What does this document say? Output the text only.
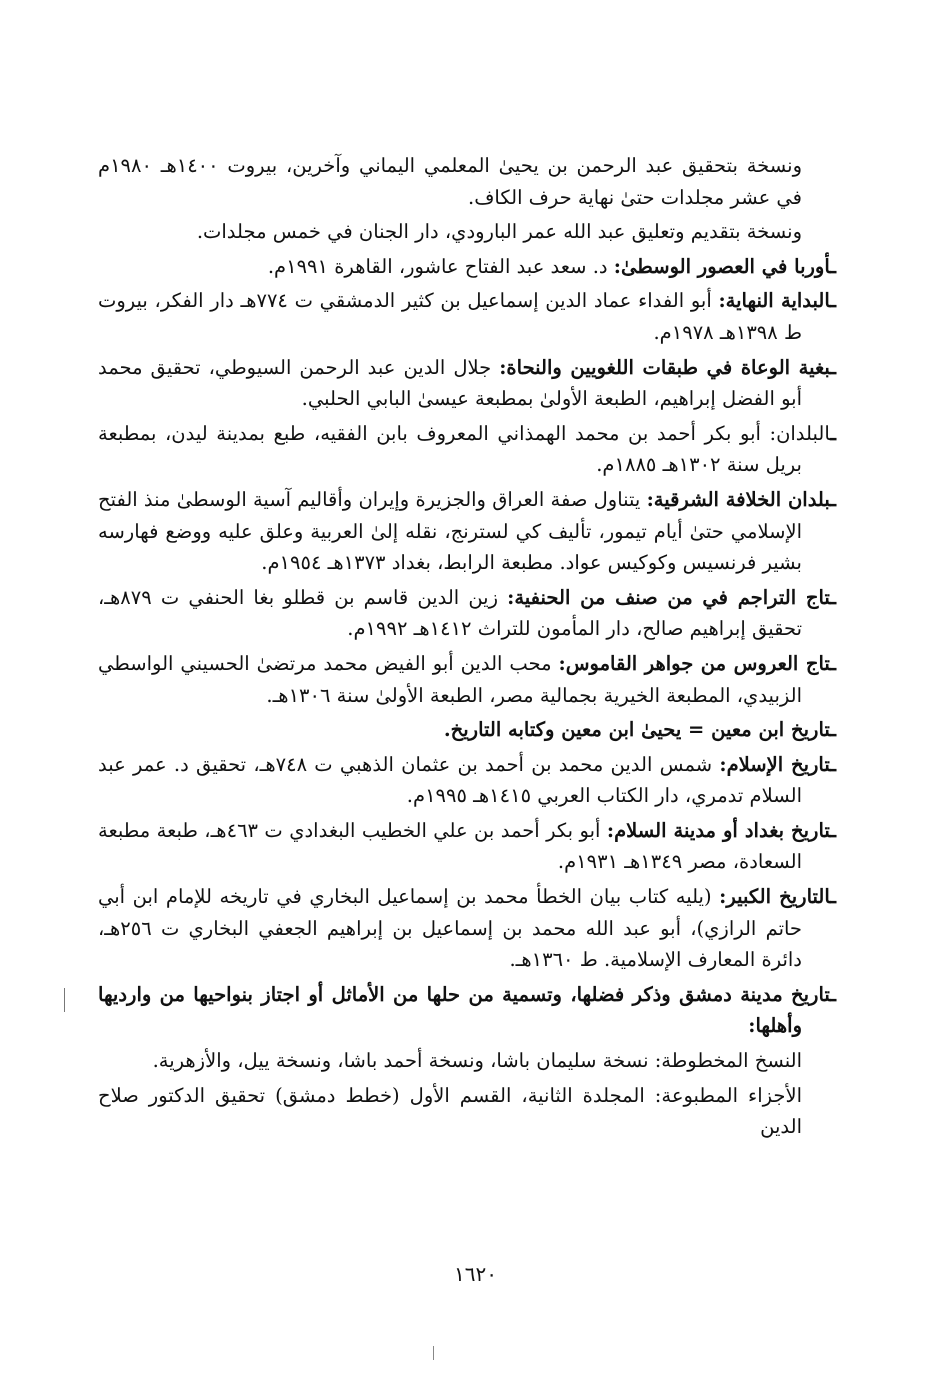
ونسخة بتحقيق عبد الرحمن بن يحيىٰ المعلمي اليماني وآخرين، بيروت ١٤٠٠هـ ١٩٨٠م في عشر مجلدات حتىٰ نهاية حرف الكاف.
ونسخة بتقديم وتعليق عبد الله عمر البارودي، دار الجنان في خمس مجلدات.
ـأوربا في العصور الوسطىٰ: د. سعد عبد الفتاح عاشور، القاهرة ١٩٩١م.
ـالبداية النهاية: أبو الفداء عماد الدين إسماعيل بن كثير الدمشقي ت ٧٧٤هـ دار الفكر، بيروت ط ١٣٩٨هـ ١٩٧٨م.
ـبغية الوعاة في طبقات اللغويين والنحاة: جلال الدين عبد الرحمن السيوطي، تحقيق محمد أبو الفضل إبراهيم، الطبعة الأولىٰ بمطبعة عيسىٰ البابي الحلبي.
ـالبلدان: أبو بكر أحمد بن محمد الهمذاني المعروف بابن الفقيه، طبع بمدينة ليدن، بمطبعة بريل سنة ١٣٠٢هـ ١٨٨٥م.
ـبلدان الخلافة الشرقية: يتناول صفة العراق والجزيرة وإيران وأقاليم آسية الوسطىٰ منذ الفتح الإسلامي حتىٰ أيام تيمور، تأليف كي لسترنج، نقله إلىٰ العربية وعلق عليه ووضع فهارسه بشير فرنسيس وكوكيس عواد. مطبعة الرابط، بغداد ١٣٧٣هـ ١٩٥٤م.
ـتاج التراجم في من صنف من الحنفية: زين الدين قاسم بن قطلو بغا الحنفي ت ٨٧٩هـ، تحقيق إبراهيم صالح، دار المأمون للتراث ١٤١٢هـ ١٩٩٢م.
ـتاج العروس من جواهر القاموس: محب الدين أبو الفيض محمد مرتضىٰ الحسيني الواسطي الزبيدي، المطبعة الخيرية بجمالية مصر، الطبعة الأولىٰ سنة ١٣٠٦هـ.
ـتاريخ ابن معين = يحيىٰ ابن معين وكتابه التاريخ.
ـتاريخ الإسلام: شمس الدين محمد بن أحمد بن عثمان الذهبي ت ٧٤٨هـ، تحقيق د. عمر عبد السلام تدمري، دار الكتاب العربي ١٤١٥هـ ١٩٩٥م.
ـتاريخ بغداد أو مدينة السلام: أبو بكر أحمد بن علي الخطيب البغدادي ت ٤٦٣هـ، طبعة مطبعة السعادة، مصر ١٣٤٩هـ ١٩٣١م.
ـالتاريخ الكبير: (يليه كتاب بيان الخطأ محمد بن إسماعيل البخاري في تاريخه للإمام ابن أبي حاتم الرازي)، أبو عبد الله محمد بن إسماعيل بن إبراهيم الجعفي البخاري ت ٢٥٦هـ، دائرة المعارف الإسلامية. ط ١٣٦٠هـ.
ـتاريخ مدينة دمشق وذكر فضلها، وتسمية من حلها من الأماثل أو اجتاز بنواحيها من وارديها وأهلها:
النسخ المخطوطة: نسخة سليمان باشا، ونسخة أحمد باشا، ونسخة ييل، والأزهرية.
الأجزاء المطبوعة: المجلدة الثانية، القسم الأول (خطط دمشق) تحقيق الدكتور صلاح الدين
١٦٢٠
